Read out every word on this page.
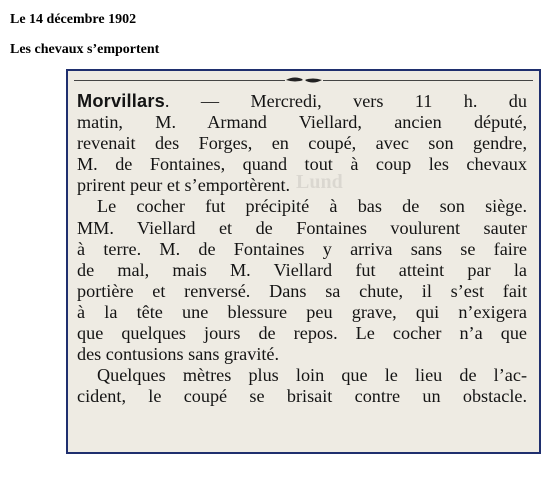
Le 14 décembre 1902
Les chevaux s’emportent
Lund
Morvillars. — Mercredi, vers 11 h. du
matin, M. Armand Viellard, ancien député,
revenait des Forges, en coupé, avec son gendre,
M. de Fontaines, quand tout à coup les chevaux
prirent peur et s’emportèrent.
Le cocher fut précipité à bas de son siège.
MM. Viellard et de Fontaines voulurent sauter
à terre. M. de Fontaines y arriva sans se faire
de mal, mais M. Viellard fut atteint par la
portière et renversé. Dans sa chute, il s’est fait
à la tête une blessure peu grave, qui n’exigera
que quelques jours de repos. Le cocher n’a que
des contusions sans gravité.
Quelques mètres plus loin que le lieu de l’ac-
cident, le coupé se brisait contre un obstacle.
